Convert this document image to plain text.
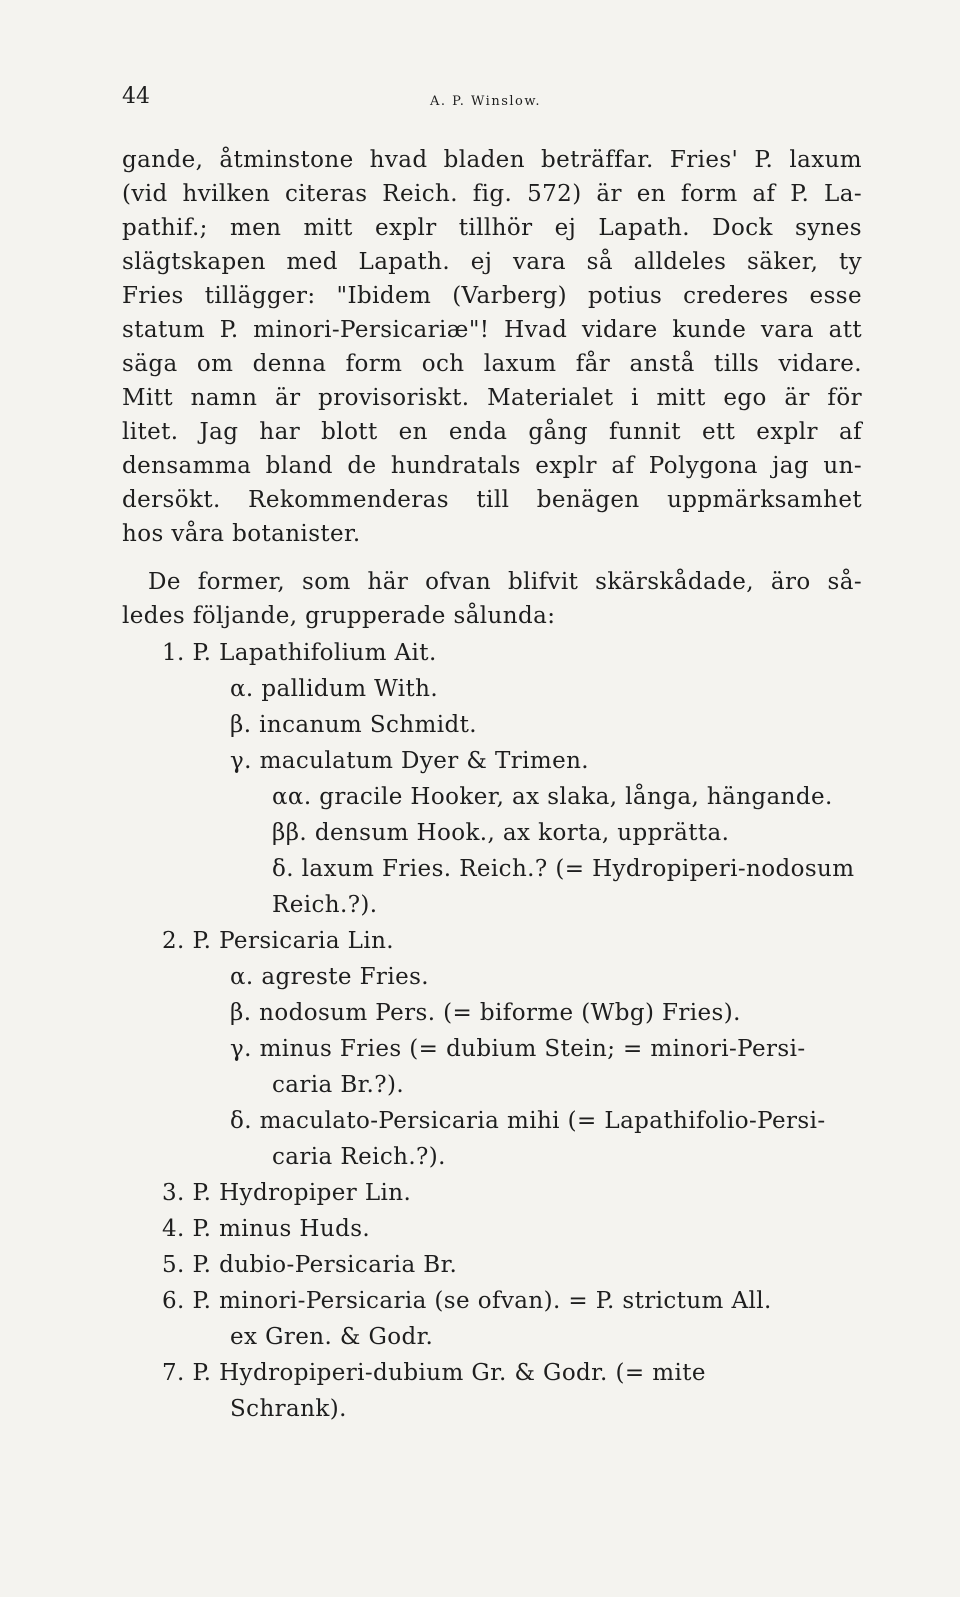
44	A. P. Winslow.
gande, åtminstone hvad bladen beträffar. Fries' P. laxum
(vid hvilken citeras Reich. fig. 572) är en form af P. La-
pathif.; men mitt explr tillhör ej Lapath. Dock synes
slägtskapen med Lapath. ej vara så alldeles säker, ty
Fries tillägger: "Ibidem (Varberg) potius crederes esse
statum P. minori-Persicariæ"! Hvad vidare kunde vara att
säga om denna form och laxum får anstå tills vidare.
Mitt namn är provisoriskt. Materialet i mitt ego är för
litet. Jag har blott en enda gång funnit ett explr af
densamma bland de hundratals explr af Polygona jag un-
dersökt. Rekommenderas till benägen uppmärksamhet
hos våra botanister.
De former, som här ofvan blifvit skärskådade, äro så-
ledes följande, grupperade sålunda:
1. P. Lapathifolium Ait.
α. pallidum With.
β. incanum Schmidt.
γ. maculatum Dyer & Trimen.
αα. gracile Hooker, ax slaka, långa, hängande.
ββ. densum Hook., ax korta, upprätta.
δ. laxum Fries. Reich.? (= Hydropiperi-nodosum
Reich.?).
2. P. Persicaria Lin.
α. agreste Fries.
β. nodosum Pers. (= biforme (Wbg) Fries).
γ. minus Fries (= dubium Stein; = minori-Persi-
caria Br.?).
δ. maculato-Persicaria mihi (= Lapathifolio-Persi-
caria Reich.?).
3. P. Hydropiper Lin.
4. P. minus Huds.
5. P. dubio-Persicaria Br.
6. P. minori-Persicaria (se ofvan). = P. strictum All.
ex Gren. & Godr.
7. P. Hydropiperi-dubium Gr. & Godr. (= mite
Schrank).
